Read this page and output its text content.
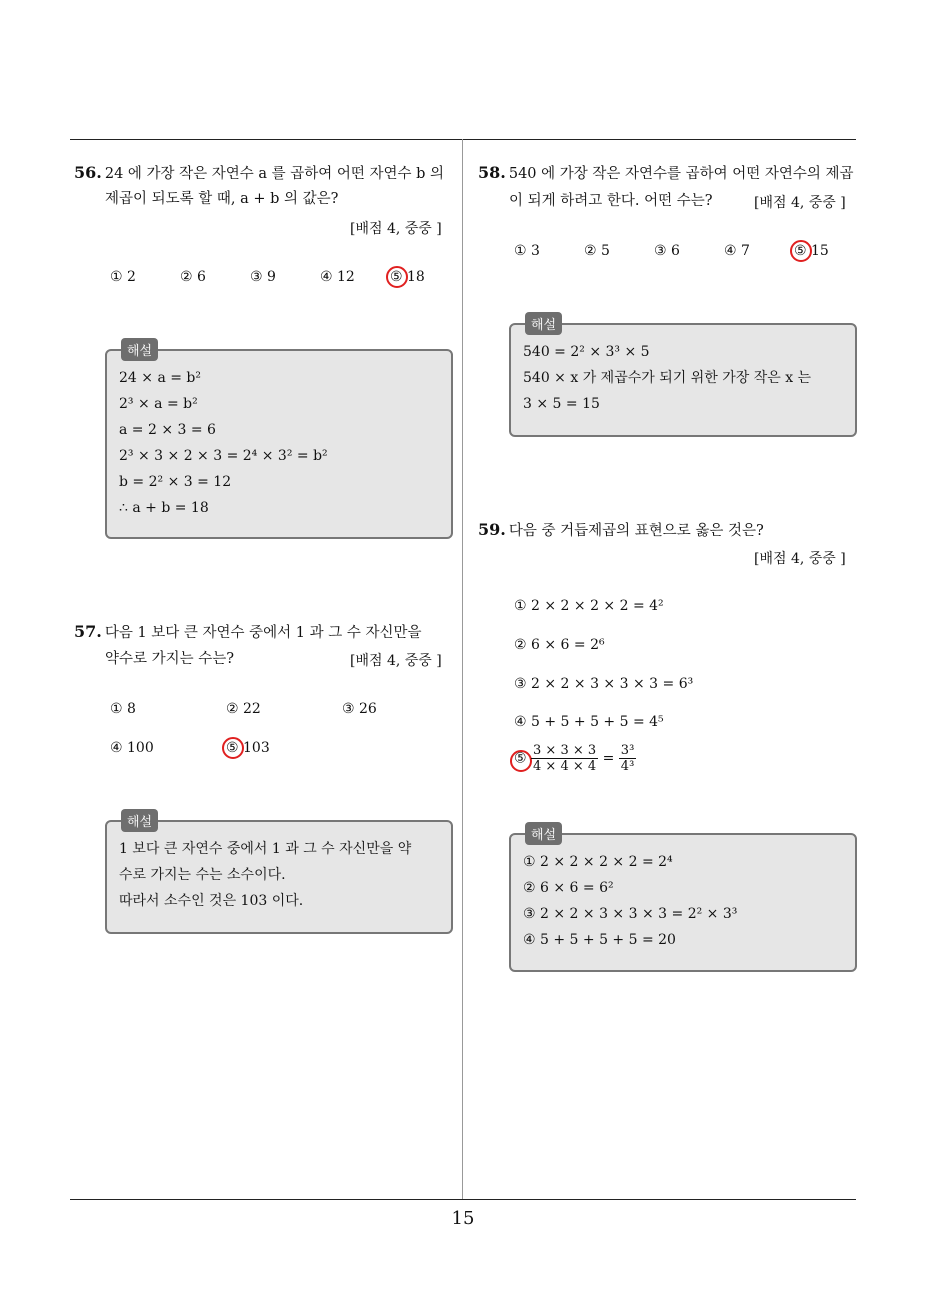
56. 24 에 가장 작은 자연수 a 를 곱하여 어떤 자연수 b 의
제곱이 되도록 할 때, a + b 의 값은?
[배점 4, 중중 ]
① 2	② 6	③ 9	④ 12	⑤ 18
해설
24 × a = b²
2³ × a = b²
a = 2 × 3 = 6
2³ × 3 × 2 × 3 = 2⁴ × 3² = b²
b = 2² × 3 = 12
∴ a + b = 18
57. 다음 1 보다 큰 자연수 중에서 1 과 그 수 자신만을
약수로 가지는 수는?	[배점 4, 중중 ]
① 8	② 22	③ 26
④ 100	⑤ 103
해설
1 보다 큰 자연수 중에서 1 과 그 수 자신만을 약
수로 가지는 수는 소수이다.
따라서 소수인 것은 103 이다.
58. 540 에 가장 작은 자연수를 곱하여 어떤 자연수의 제곱
이 되게 하려고 한다. 어떤 수는?	[배점 4, 중중 ]
① 3	② 5	③ 6	④ 7	⑤ 15
해설
540 = 2² × 3³ × 5
540 × x 가 제곱수가 되기 위한 가장 작은 x 는
3 × 5 = 15
59. 다음 중 거듭제곱의 표현으로 옳은 것은?
[배점 4, 중중 ]
① 2 × 2 × 2 × 2 = 4²
② 6 × 6 = 2⁶
③ 2 × 2 × 3 × 3 × 3 = 6³
④ 5 + 5 + 5 + 5 = 4⁵
⑤ $\frac{3 \times 3 \times 3}{4 \times 4 \times 4} = \frac{\text{3³}}{\text{4³}}$
해설
① 2 × 2 × 2 × 2 = 2⁴
② 6 × 6 = 6²
③ 2 × 2 × 3 × 3 × 3 = 2² × 3³
④ 5 + 5 + 5 + 5 = 20
15
